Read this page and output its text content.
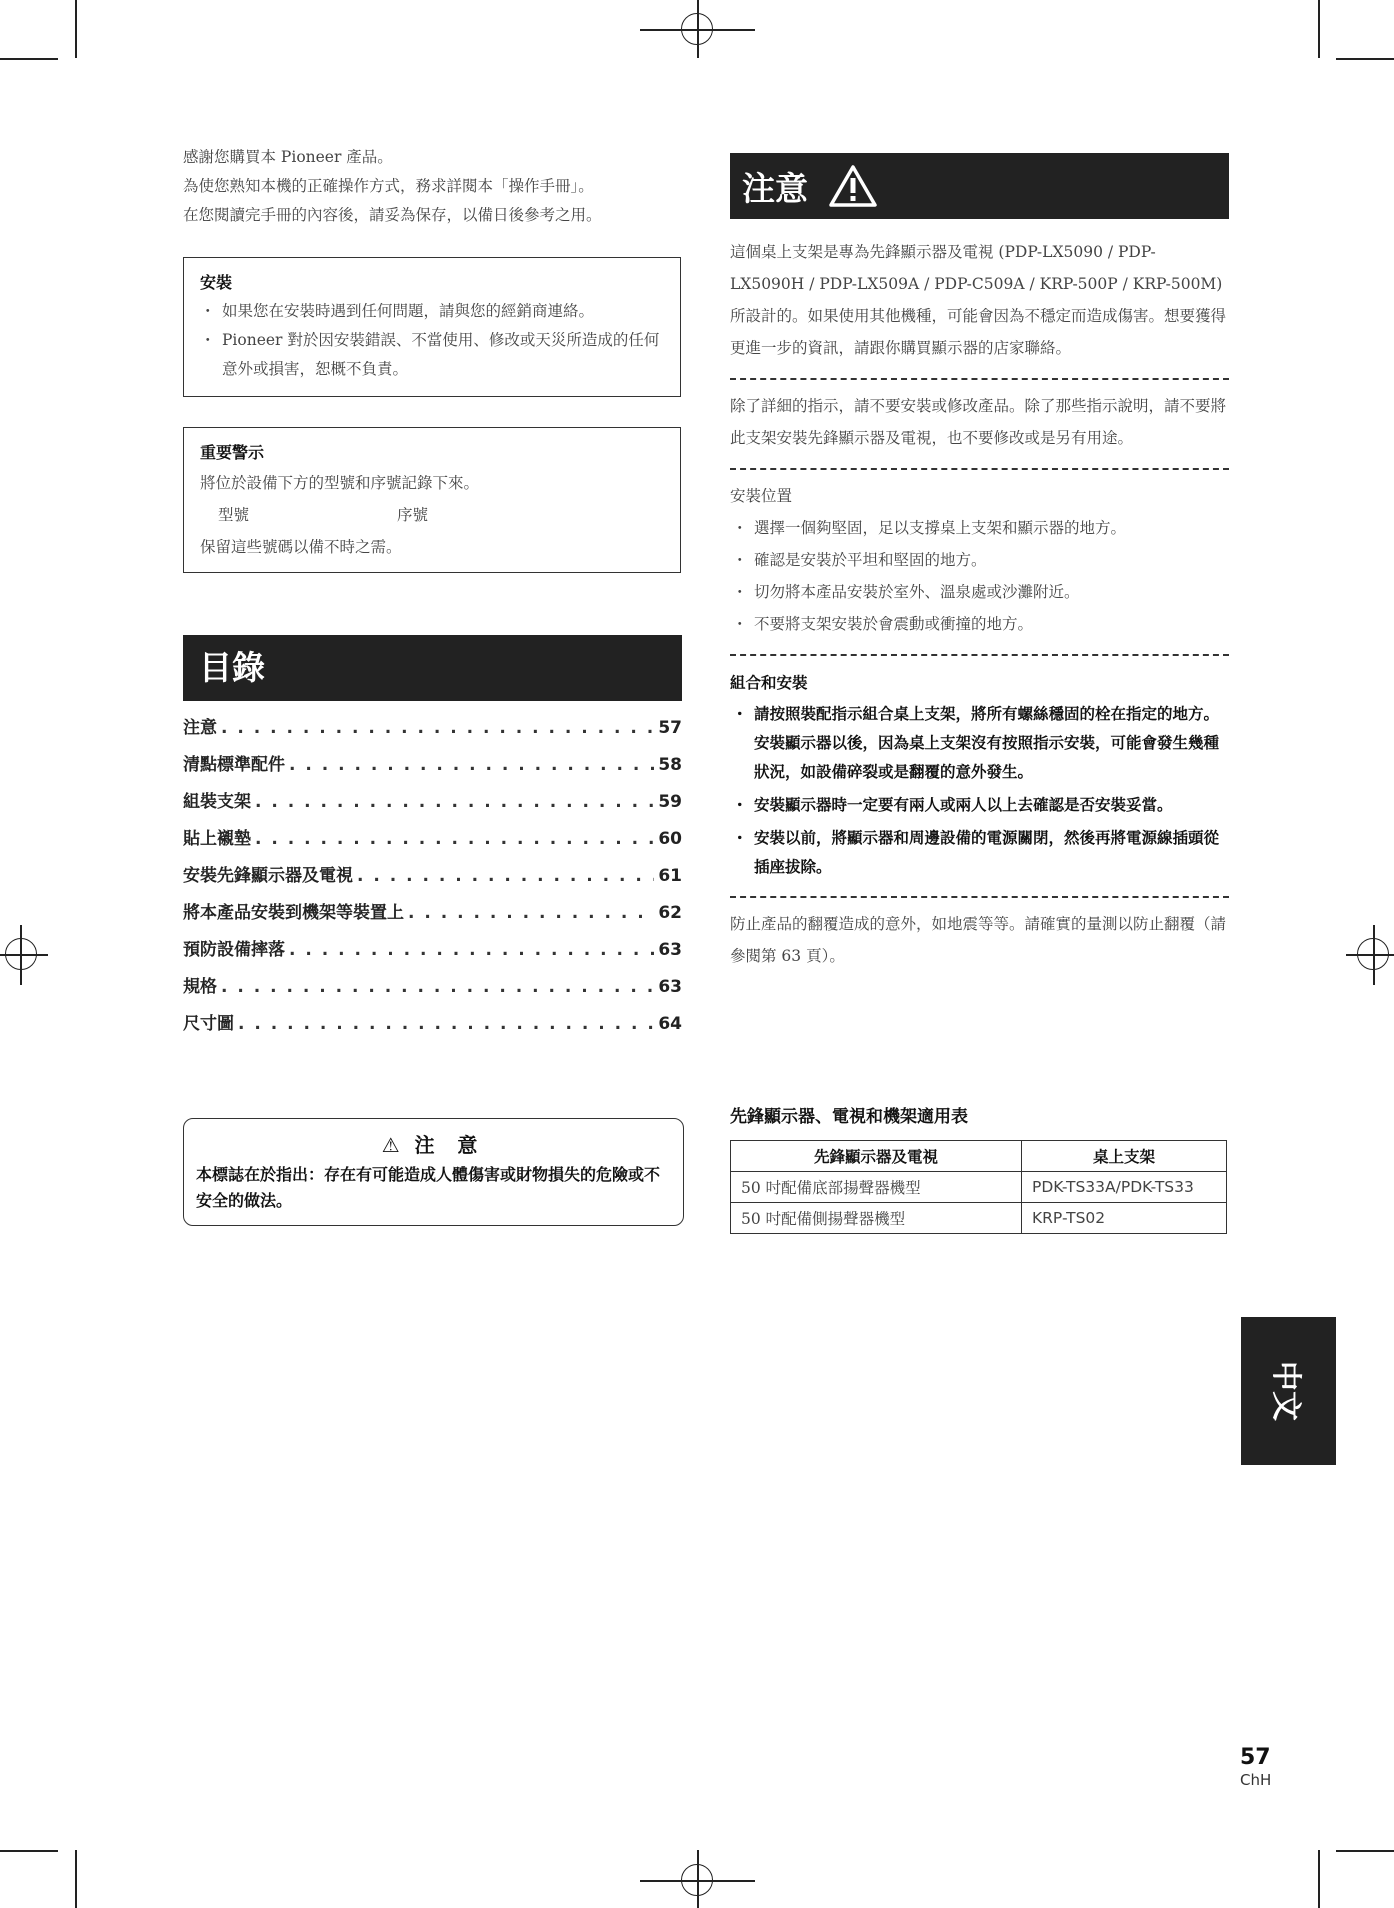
感謝您購買本 Pioneer 產品。

為使您熟知本機的正確操作方式，務求詳閱本「操作手冊」。

在您閱讀完手冊的內容後，請妥為保存，以備日後參考之用。

安裝
・ 如果您在安裝時遇到任何問題，請與您的經銷商連絡。
・ Pioneer 對於因安裝錯誤、不當使用、修改或天災所造成的任何意外或損害，恕概不負責。
重要警示

將位於設備下方的型號和序號記錄下來。

型號	序號

保留這些號碼以備不時之需。

目錄
注意 . . .	57
清點標準配件 . . .	58
組裝支架 . . .	59
貼上襯墊 . . .	60
安裝先鋒顯示器及電視 . . .	61
將本產品安裝到機架等裝置上 . . .	62
預防設備摔落 . . .	63
規格 . . .	63
尺寸圖 . . .	64
⚠ 注 意
本標誌在於指出：存在有可能造成人體傷害或財物損失的危險或不安全的做法。
注意

這個桌上支架是專為先鋒顯示器及電視 (PDP-LX5090 / PDP-LX5090H / PDP-LX509A / PDP-C509A / KRP-500P / KRP-500M) 所設計的。如果使用其他機種，可能會因為不穩定而造成傷害。想要獲得更進一步的資訊，請跟你購買顯示器的店家聯絡。

除了詳細的指示，請不要安裝或修改產品。除了那些指示說明，請不要將此支架安裝先鋒顯示器及電視，也不要修改或是另有用途。

安裝位置

・ 選擇一個夠堅固，足以支撐桌上支架和顯示器的地方。
・ 確認是安裝於平坦和堅固的地方。
・ 切勿將本產品安裝於室外、溫泉處或沙灘附近。
・ 不要將支架安裝於會震動或衝撞的地方。

組合和安裝

・ 請按照裝配指示組合桌上支架，將所有螺絲穩固的栓在指定的地方。
安裝顯示器以後，因為桌上支架沒有按照指示安裝，可能會發生幾種狀況，如設備碎裂或是翻覆的意外發生。
・ 安裝顯示器時一定要有兩人或兩人以上去確認是否安裝妥當。
・ 安裝以前，將顯示器和周邊設備的電源關閉，然後再將電源線插頭從插座拔除。

防止產品的翻覆造成的意外，如地震等等。請確實的量測以防止翻覆（請參閱第 63 頁）。

先鋒顯示器、電視和機架適用表
先鋒顯示器及電視	桌上支架
50 吋配備底部揚聲器機型	PDK-TS33A/PDK-TS33
50 吋配備側揚聲器機型	KRP-TS02
中文
57
ChH
